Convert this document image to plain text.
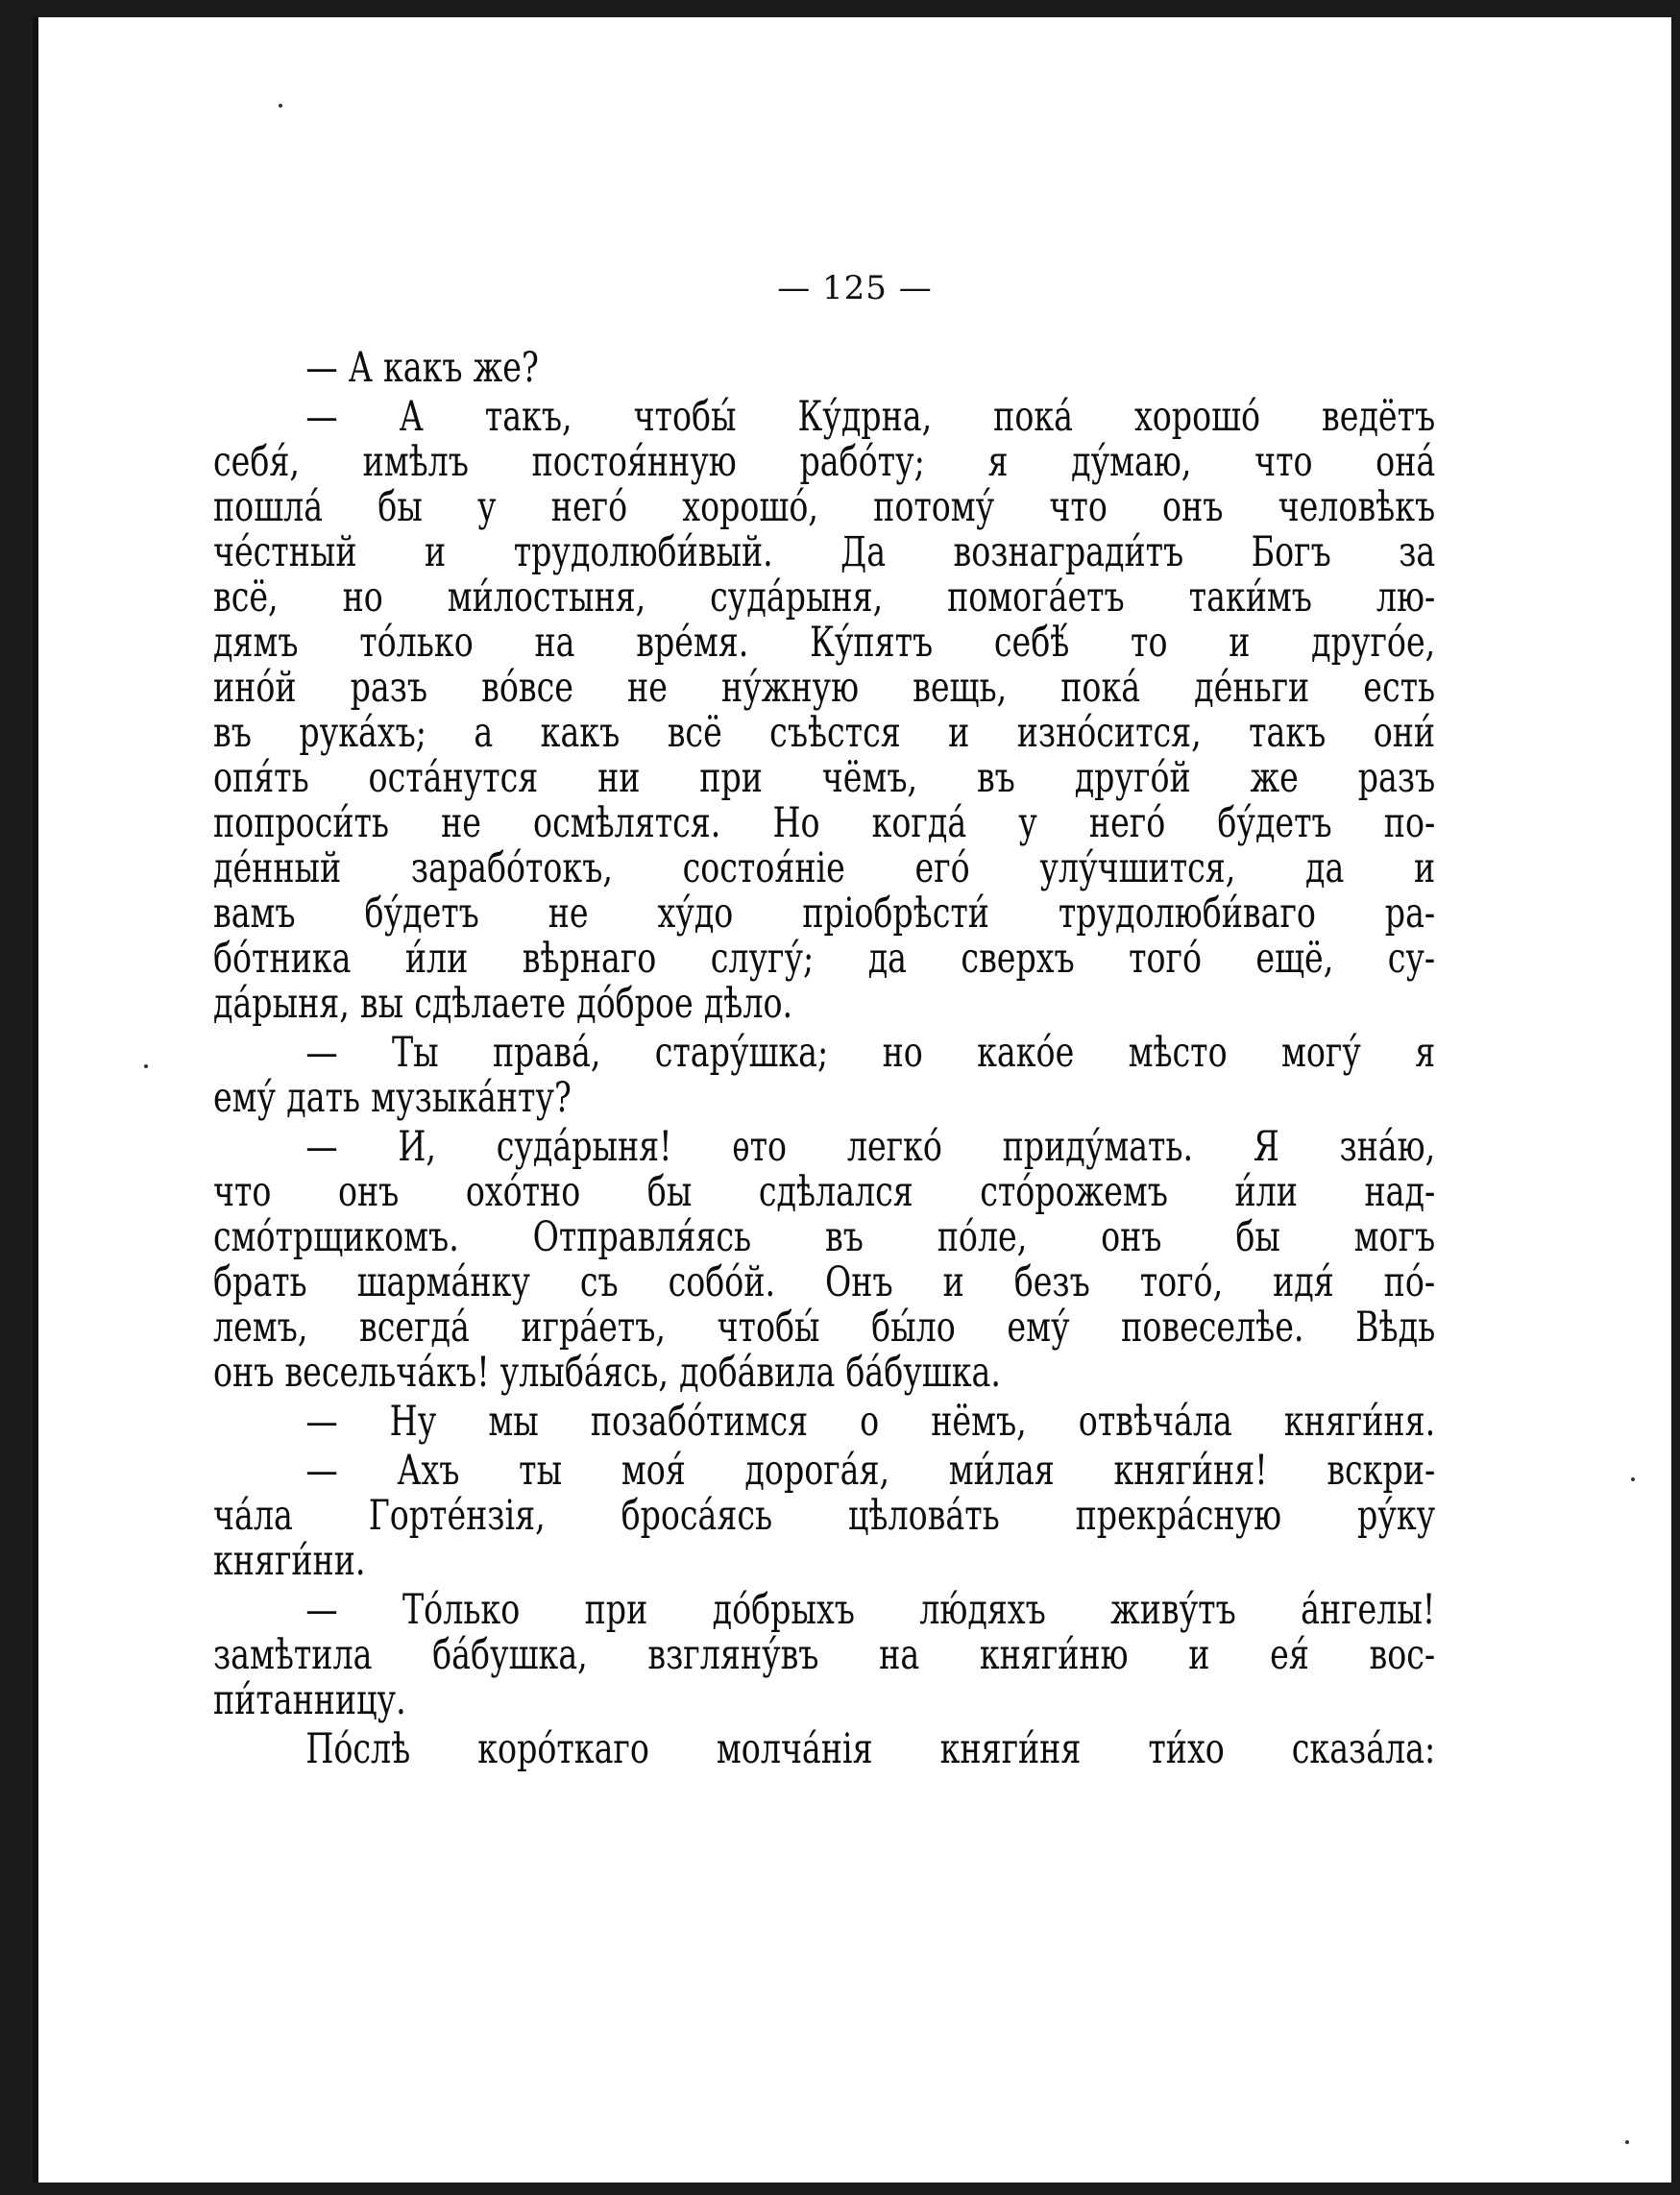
— 125 —
— А какъ же?
— А такъ, чтобы́ Ку́дрна, пока́ хорошо́ ведётъ
себя́, имѣлъ постоя́нную рабо́ту; я ду́маю, что она́
пошла́ бы у него́ хорошо́, потому́ что онъ человѣкъ
че́стный и трудолюби́вый. Да вознагради́тъ Богъ за
всё, но ми́лостыня, суда́рыня, помога́етъ таки́мъ лю-
дямъ то́лько на вре́мя. Ку́пятъ себѣ́ то и друго́е,
ино́й разъ во́все не ну́жную вещь, пока́ де́ньги есть
въ рука́хъ; а какъ всё съѣстся и изно́сится, такъ они́
опя́ть оста́нутся ни при чёмъ, въ друго́й же разъ
попроси́ть не осмѣлятся. Но когда́ у него́ бу́детъ по-
де́нный зарабо́токъ, состоя́ніе его́ улу́чшится, да и
вамъ бу́детъ не ху́до пріобрѣсти́ трудолюби́ваго ра-
бо́тника и́ли вѣрнаго слугу́; да сверхъ того́ ещё, су-
да́рыня, вы сдѣлаете до́брое дѣло.
— Ты права́, стару́шка; но како́е мѣсто могу́ я
ему́ дать музыка́нту?
— И, суда́рыня! ѳто легко́ приду́мать. Я зна́ю,
что онъ охо́тно бы сдѣлался сто́рожемъ и́ли над-
смо́трщикомъ. Отправля́ясь въ по́ле, онъ бы могъ
брать шарма́нку съ собо́й. Онъ и безъ того́, идя́ по́-
лемъ, всегда́ игра́етъ, чтобы́ бы́ло ему́ повеселѣе. Вѣдь
онъ весельча́къ! улыба́ясь, доба́вила ба́бушка.
— Ну мы позабо́тимся о нёмъ, отвѣча́ла княги́ня.
— Ахъ ты моя́ дорога́я, ми́лая княги́ня! вскри-
ча́ла Горте́нзія, броса́ясь цѣлова́ть прекра́сную ру́ку
княги́ни.
— То́лько при до́брыхъ лю́дяхъ живу́тъ а́нгелы!
замѣтила ба́бушка, взгляну́въ на княги́ню и ея́ вос-
пи́танницу.
По́слѣ коро́ткаго молча́нія княги́ня ти́хо сказа́ла:
